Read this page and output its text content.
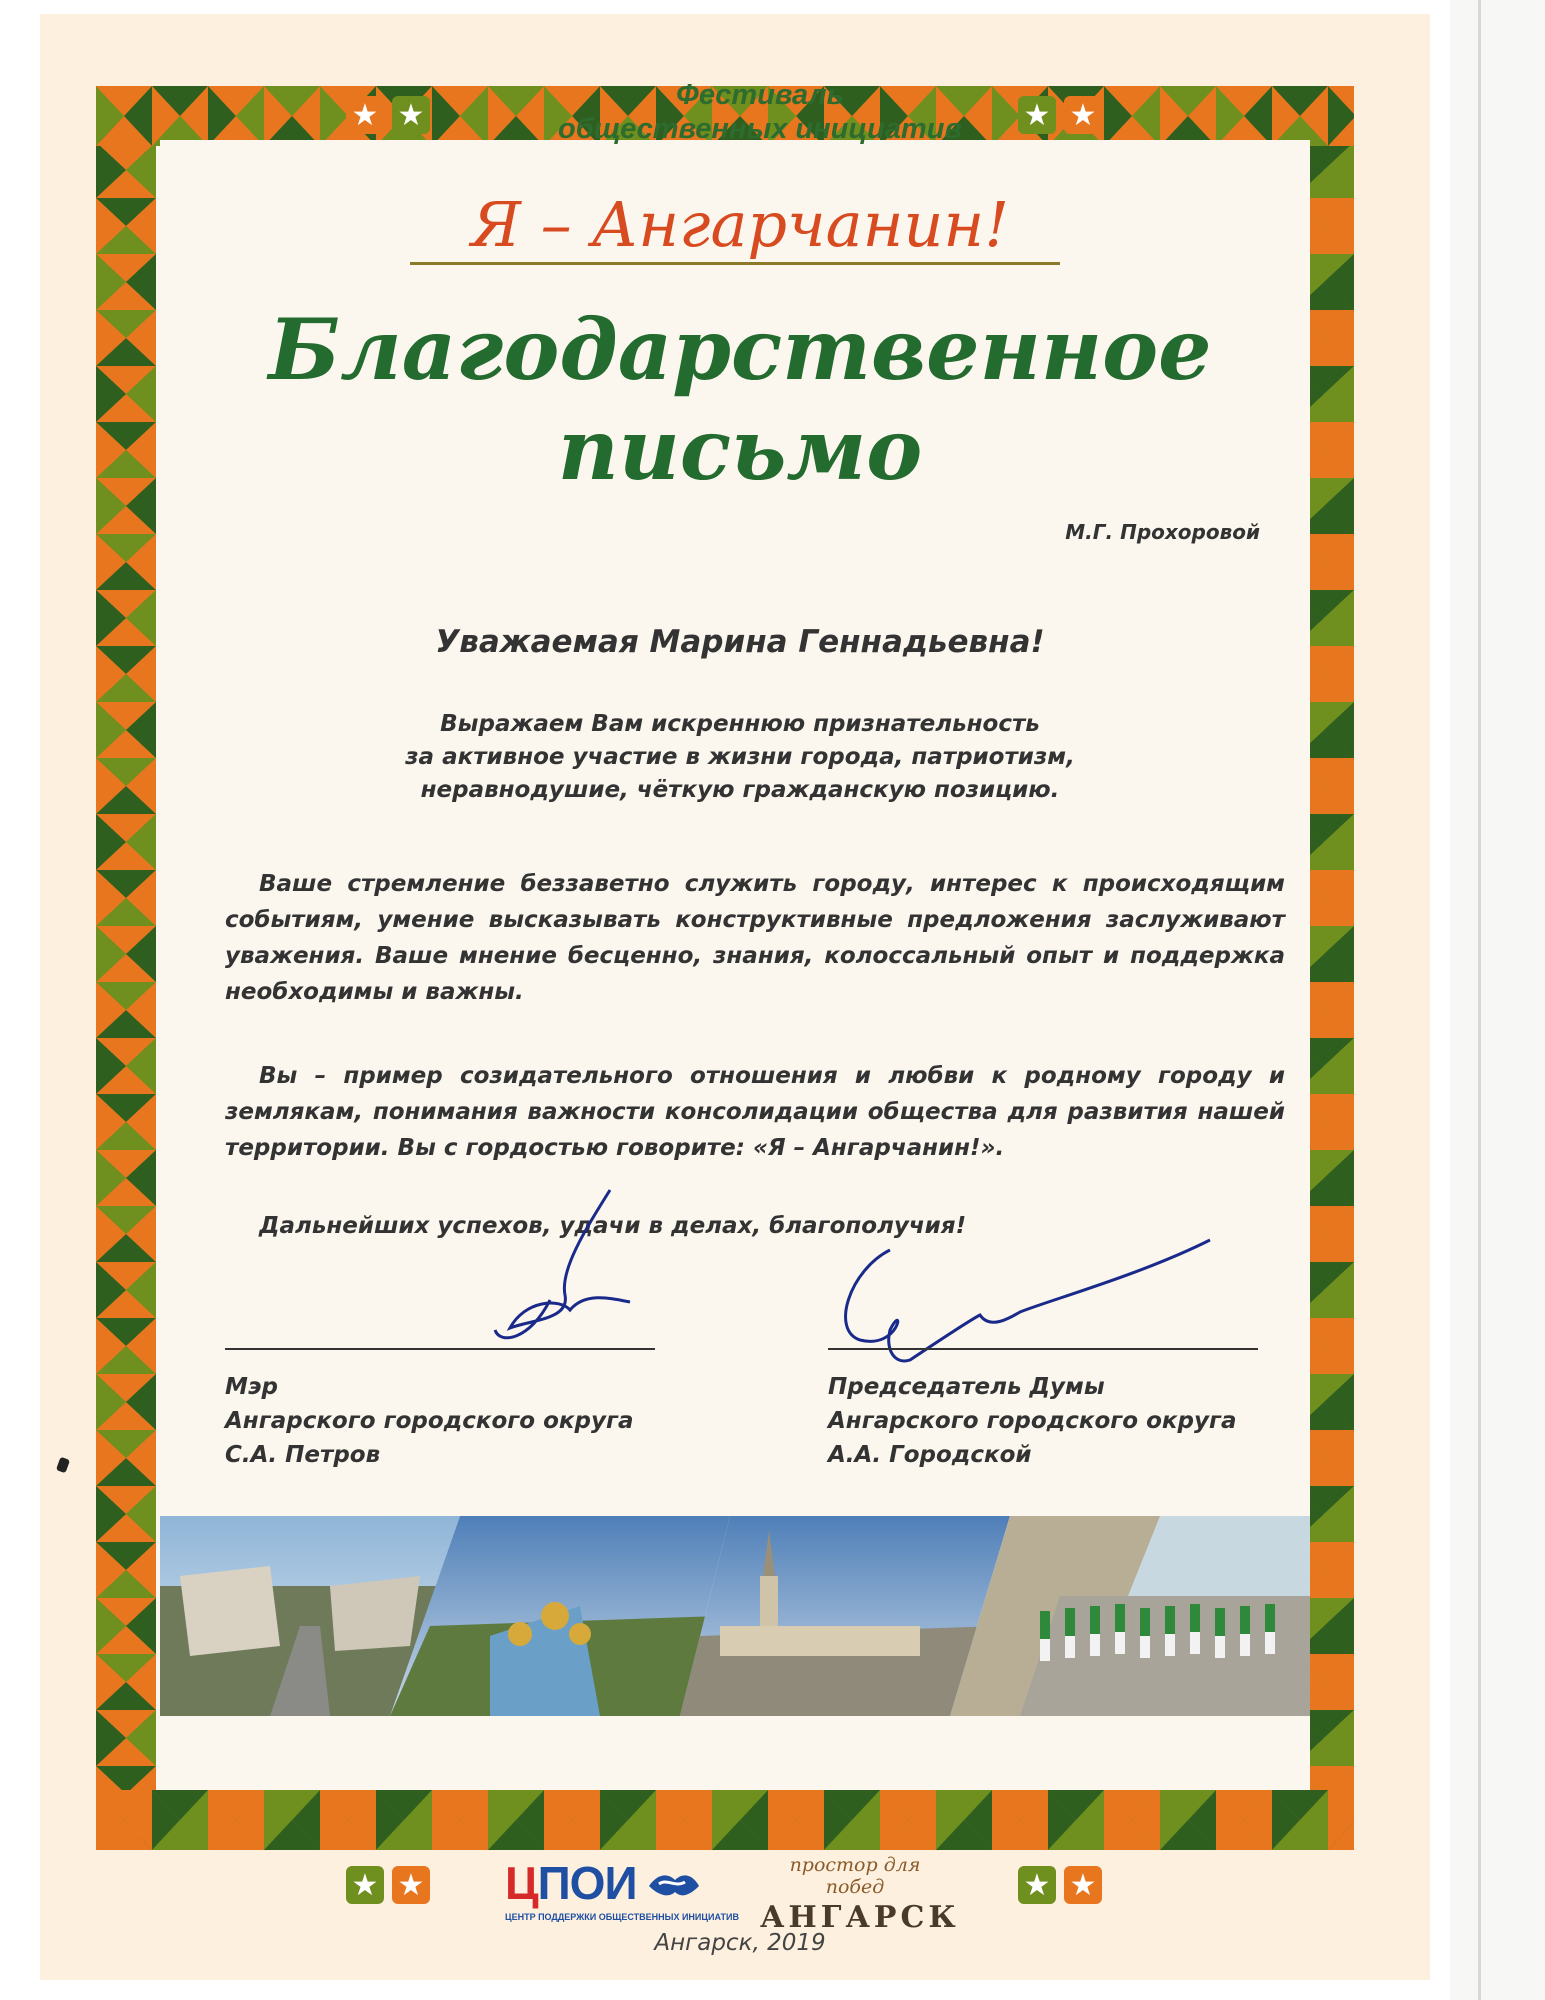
★ ★	★ ★
Фестиваль
общественных инициатив
Я – Ангарчанин!
Благодарственное
письмо
М.Г. Прохоровой
Уважаемая Марина Геннадьевна!
Выражаем Вам искреннюю признательность
за активное участие в жизни города, патриотизм,
неравнодушие, чёткую гражданскую позицию.
Ваше стремление беззаветно служить городу, интерес к происходящим событиям, умение высказывать конструктивные предложения заслуживают уважения. Ваше мнение бесценно, знания, колоссальный опыт и поддержка необходимы и важны.
Вы – пример созидательного отношения и любви к родному городу и землякам, понимания важности консолидации общества для развития нашей территории. Вы с гордостью говорите: «Я – Ангарчанин!».
Дальнейших успехов, удачи в делах, благополучия!
Мэр
Ангарского городского округа
С.А. Петров
Председатель Думы
Ангарского городского округа
А.А. Городской
★ ★	★ ★
ЦПОИ
ЦЕНТР ПОДДЕРЖКИ ОБЩЕСТВЕННЫХ ИНИЦИАТИВ
простор для побед
АНГАРСК
Ангарск, 2019
